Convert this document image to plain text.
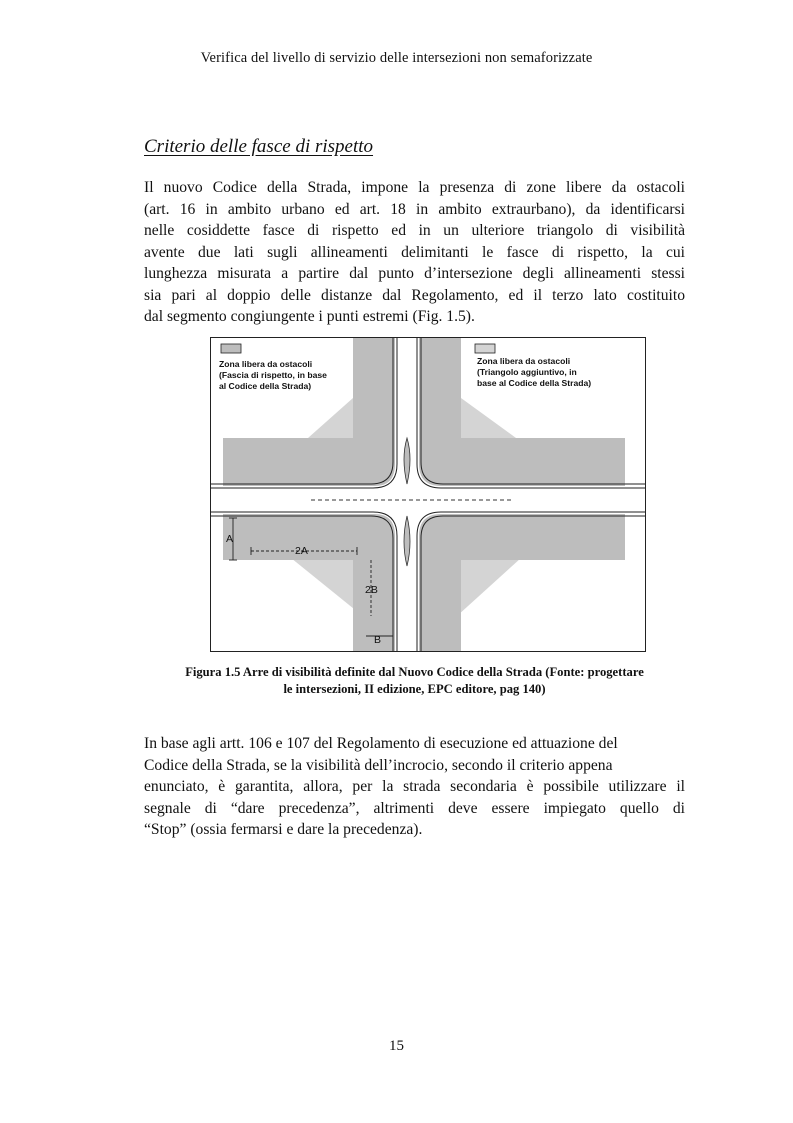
Verifica del livello di servizio delle intersezioni non semaforizzate
Criterio delle fasce di rispetto
Il nuovo Codice della Strada, impone la presenza di zone libere da ostacoli
(art. 16 in ambito urbano ed art. 18 in ambito extraurbano), da identificarsi
nelle cosiddette fasce di rispetto ed in un ulteriore triangolo di visibilità
avente due lati sugli allineamenti delimitanti le fasce di rispetto, la cui
lunghezza misurata a partire dal punto d’intersezione degli allineamenti stessi
sia pari al doppio delle distanze dal Regolamento, ed il terzo lato costituito
dal segmento congiungente i punti estremi (Fig. 1.5).
Zona libera da ostacoli
(Fascia di rispetto, in base
al Codice della Strada)
Zona libera da ostacoli
(Triangolo aggiuntivo, in
base al Codice della Strada)
A
2A
2B
B
Figura 1.5 Arre di visibilità definite dal Nuovo Codice della Strada (Fonte: progettare
le intersezioni, II edizione, EPC editore, pag 140)
In base agli artt. 106 e 107 del Regolamento di esecuzione ed attuazione del
Codice della Strada, se la visibilità dell’incrocio, secondo il criterio appena
enunciato, è garantita, allora, per la strada secondaria è possibile utilizzare il
segnale di “dare precedenza”, altrimenti deve essere impiegato quello di
“Stop” (ossia fermarsi e dare la precedenza).
15
